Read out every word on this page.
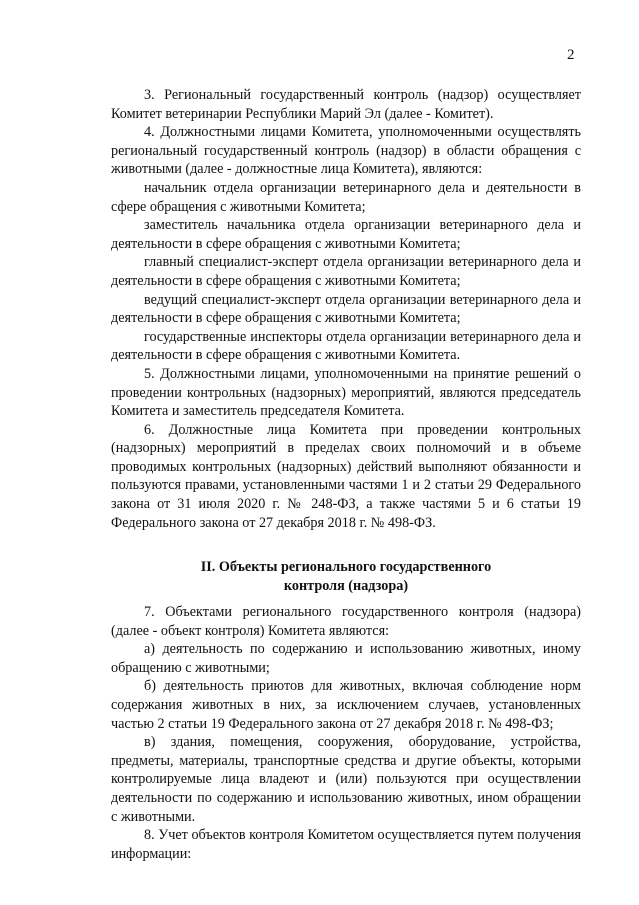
2

3. Региональный государственный контроль (надзор) осуществляет Комитет ветеринарии Республики Марий Эл (далее - Комитет).

4. Должностными лицами Комитета, уполномоченными осуществлять региональный государственный контроль (надзор) в области обращения с животными (далее - должностные лица Комитета), являются:

начальник отдела организации ветеринарного дела и деятельности в сфере обращения с животными Комитета;

заместитель начальника отдела организации ветеринарного дела и деятельности в сфере обращения с животными Комитета;

главный специалист-эксперт отдела организации ветеринарного дела и деятельности в сфере обращения с животными Комитета;

ведущий специалист-эксперт отдела организации ветеринарного дела и деятельности в сфере обращения с животными Комитета;

государственные инспекторы отдела организации ветеринарного дела и деятельности в сфере обращения с животными Комитета.

5. Должностными лицами, уполномоченными на принятие решений о проведении контрольных (надзорных) мероприятий, являются председатель Комитета и заместитель председателя Комитета.

6. Должностные лица Комитета при проведении контрольных (надзорных) мероприятий в пределах своих полномочий и в объеме проводимых контрольных (надзорных) действий выполняют обязанности и пользуются правами, установленными частями 1 и 2 статьи 29 Федерального закона от 31 июля 2020 г. № 248-ФЗ, а также частями 5 и 6 статьи 19 Федерального закона от 27 декабря 2018 г. № 498-ФЗ.

II. Объекты регионального государственного
контроля (надзора)

7. Объектами регионального государственного контроля (надзора) (далее - объект контроля) Комитета являются:

а) деятельность по содержанию и использованию животных, иному обращению с животными;

б) деятельность приютов для животных, включая соблюдение норм содержания животных в них, за исключением случаев, установленных частью 2 статьи 19 Федерального закона от 27 декабря 2018 г. № 498-ФЗ;

в) здания, помещения, сооружения, оборудование, устройства, предметы, материалы, транспортные средства и другие объекты, которыми контролируемые лица владеют и (или) пользуются при осуществлении деятельности по содержанию и использованию животных, ином обращении с животными.

8. Учет объектов контроля Комитетом осуществляется путем получения информации:
